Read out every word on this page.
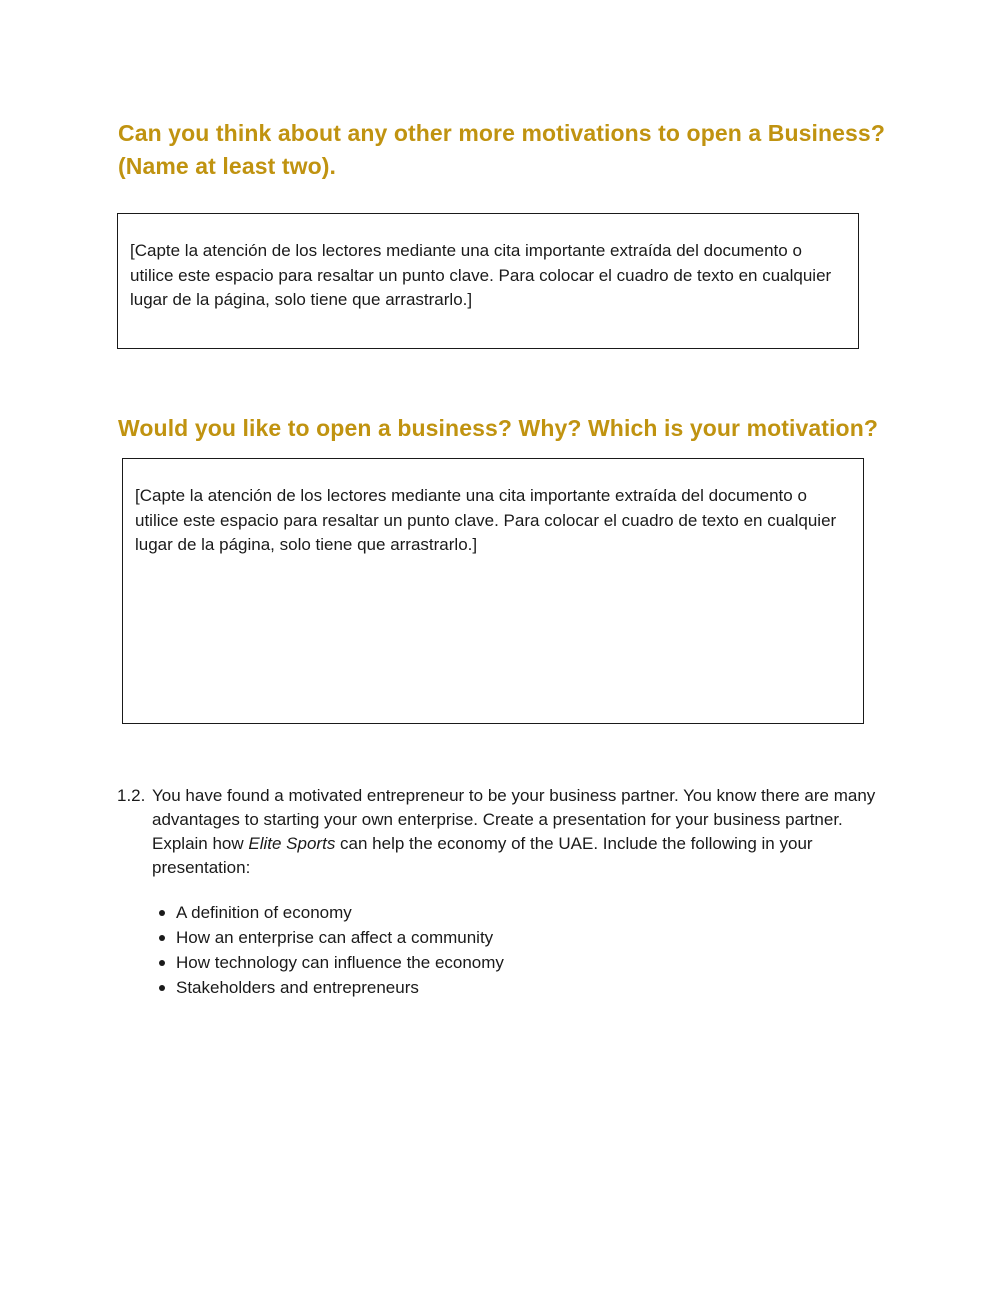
Can you think about any other more motivations to open a Business? (Name at least two).

[Capte la atención de los lectores mediante una cita importante extraída del documento o utilice este espacio para resaltar un punto clave. Para colocar el cuadro de texto en cualquier lugar de la página, solo tiene que arrastrarlo.]

Would you like to open a business? Why? Which is your motivation?

[Capte la atención de los lectores mediante una cita importante extraída del documento o utilice este espacio para resaltar un punto clave. Para colocar el cuadro de texto en cualquier lugar de la página, solo tiene que arrastrarlo.]

1.2. You have found a motivated entrepreneur to be your business partner. You know there are many advantages to starting your own enterprise. Create a presentation for your business partner. Explain how Elite Sports can help the economy of the UAE. Include the following in your presentation:

A definition of economy
How an enterprise can affect a community
How technology can influence the economy
Stakeholders and entrepreneurs
